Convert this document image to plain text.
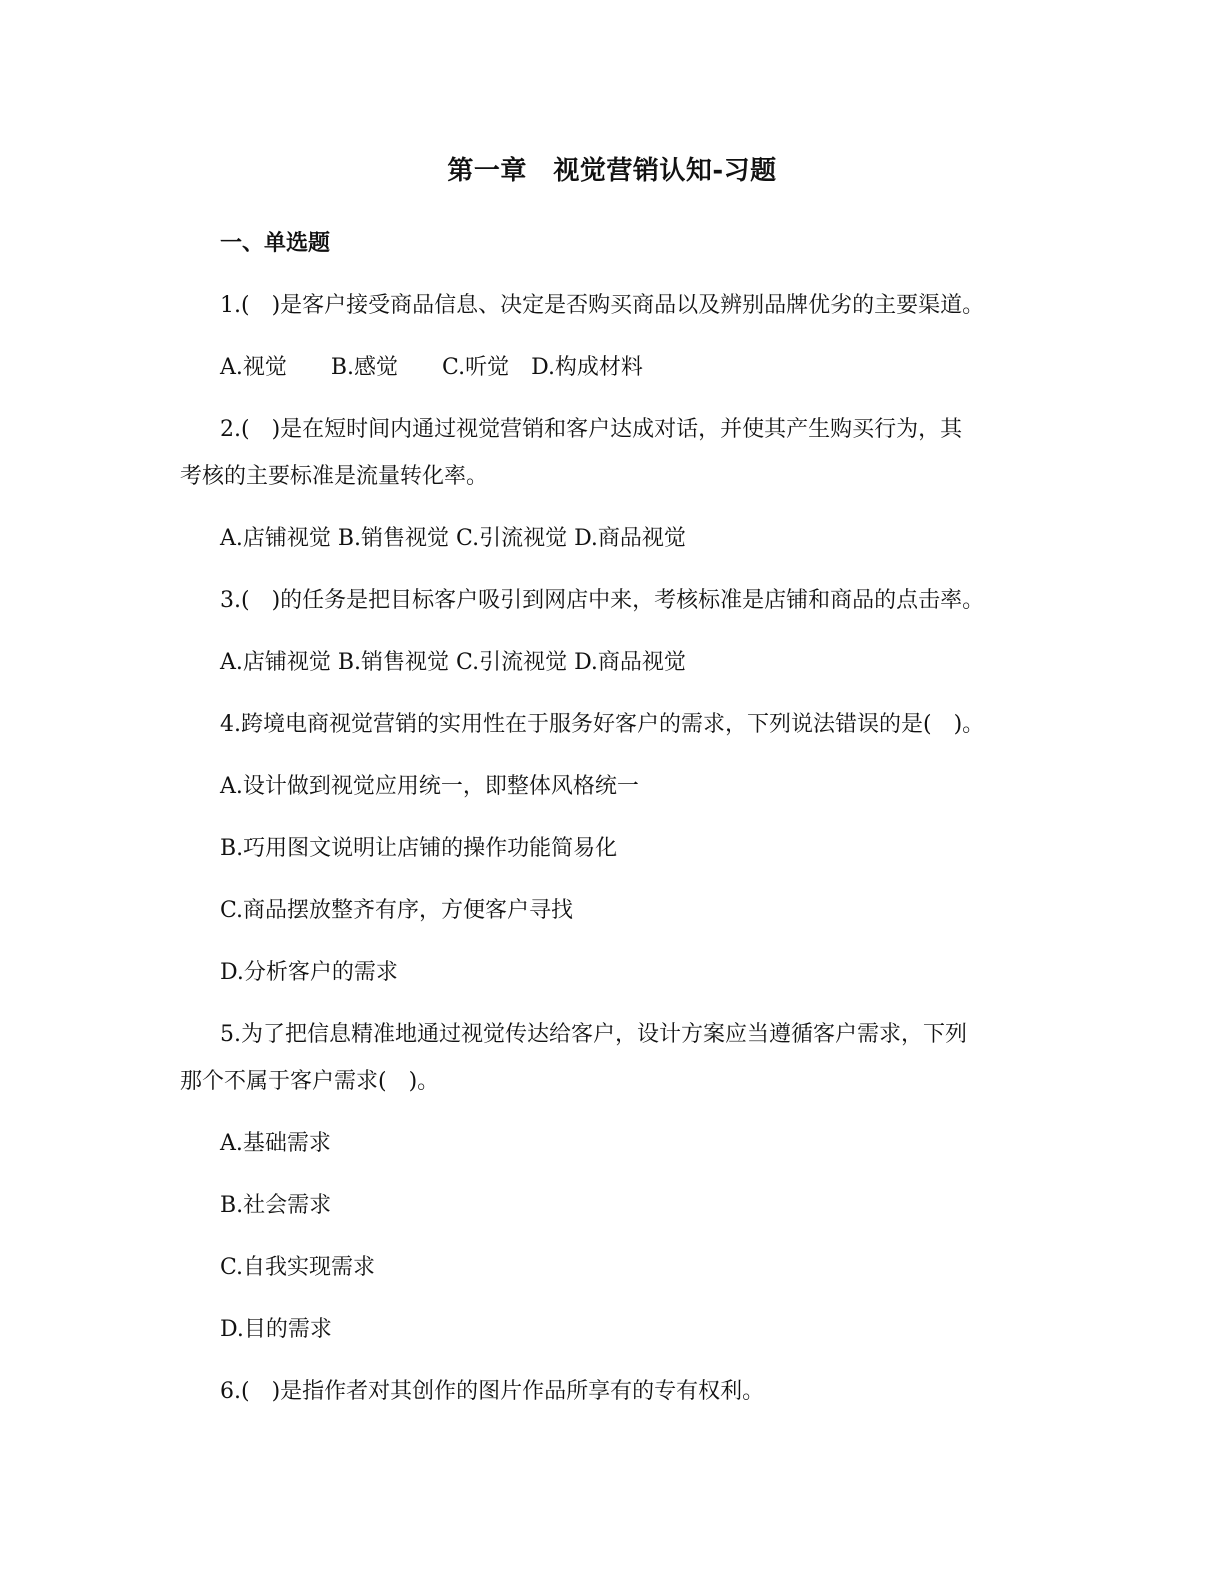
第一章　视觉营销认知-习题
一、单选题
1.(　)是客户接受商品信息、决定是否购买商品以及辨别品牌优劣的主要渠道。
A.视觉　　B.感觉　　C.听觉　D.构成材料
2.(　)是在短时间内通过视觉营销和客户达成对话，并使其产生购买行为，其
考核的主要标准是流量转化率。
A.店铺视觉 B.销售视觉 C.引流视觉 D.商品视觉
3.(　)的任务是把目标客户吸引到网店中来，考核标准是店铺和商品的点击率。
A.店铺视觉 B.销售视觉 C.引流视觉 D.商品视觉
4.跨境电商视觉营销的实用性在于服务好客户的需求，下列说法错误的是(　)。
A.设计做到视觉应用统一，即整体风格统一
B.巧用图文说明让店铺的操作功能简易化
C.商品摆放整齐有序，方便客户寻找
D.分析客户的需求
5.为了把信息精准地通过视觉传达给客户，设计方案应当遵循客户需求，下列
那个不属于客户需求(　)。
A.基础需求
B.社会需求
C.自我实现需求
D.目的需求
6.(　)是指作者对其创作的图片作品所享有的专有权利。
